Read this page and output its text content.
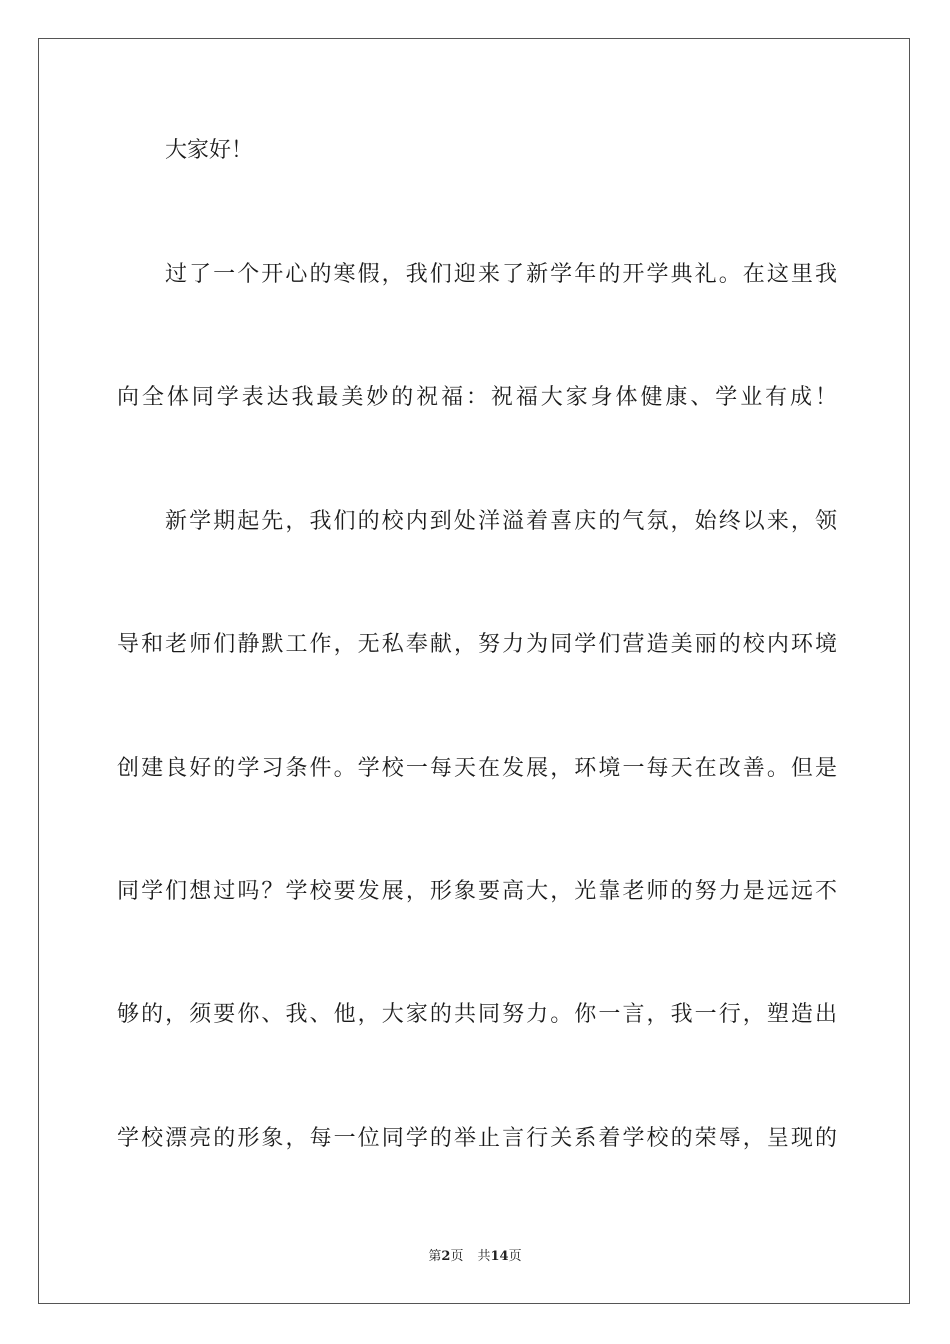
大家好！
过了一个开心的寒假，我们迎来了新学年的开学典礼。在这里我
向全体同学表达我最美妙的祝福：祝福大家身体健康、学业有成！
新学期起先，我们的校内到处洋溢着喜庆的气氛，始终以来，领
导和老师们静默工作，无私奉献，努力为同学们营造美丽的校内环境
创建良好的学习条件。学校一每天在发展，环境一每天在改善。但是
同学们想过吗？学校要发展，形象要高大，光靠老师的努力是远远不
够的，须要你、我、他，大家的共同努力。你一言，我一行，塑造出
学校漂亮的形象，每一位同学的举止言行关系着学校的荣辱，呈现的
第2页 共14页
